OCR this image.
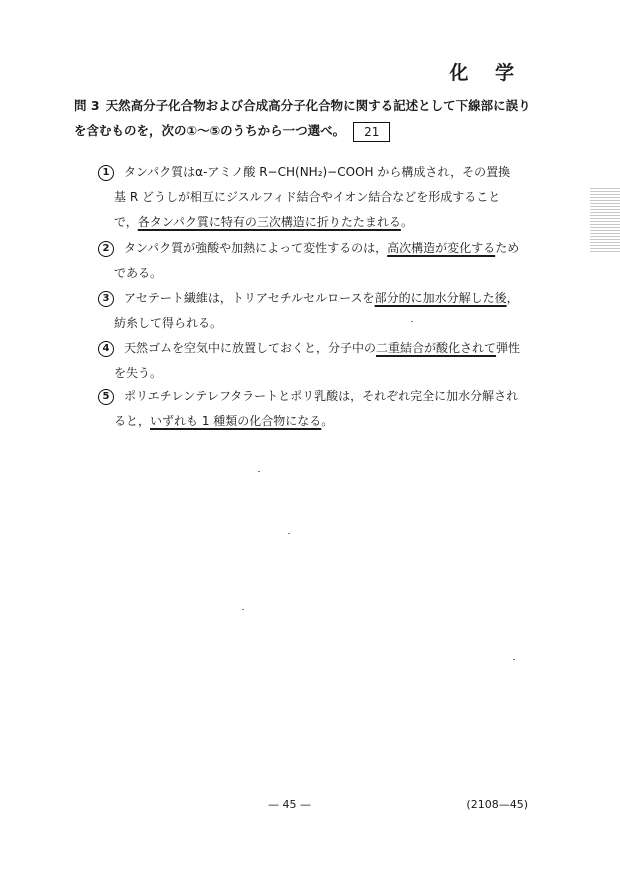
化 学
問 3 天然高分子化合物および合成高分子化合物に関する記述として下線部に誤り
を含むものを，次の①～⑤のうちから一つ選べ。 21
1 タンパク質はα-アミノ酸 R−CH(NH₂)−COOH から構成され，その置換
基 R どうしが相互にジスルフィド結合やイオン結合などを形成すること
で，各タンパク質に特有の三次構造に折りたたまれる。
2 タンパク質が強酸や加熱によって変性するのは，高次構造が変化するため
である。
3 アセテート繊維は，トリアセチルセルロースを部分的に加水分解した後，
紡糸して得られる。
4 天然ゴムを空気中に放置しておくと，分子中の二重結合が酸化されて弾性
を失う。
5 ポリエチレンテレフタラートとポリ乳酸は，それぞれ完全に加水分解され
ると，いずれも 1 種類の化合物になる。
— 45 —	(2108—45)
